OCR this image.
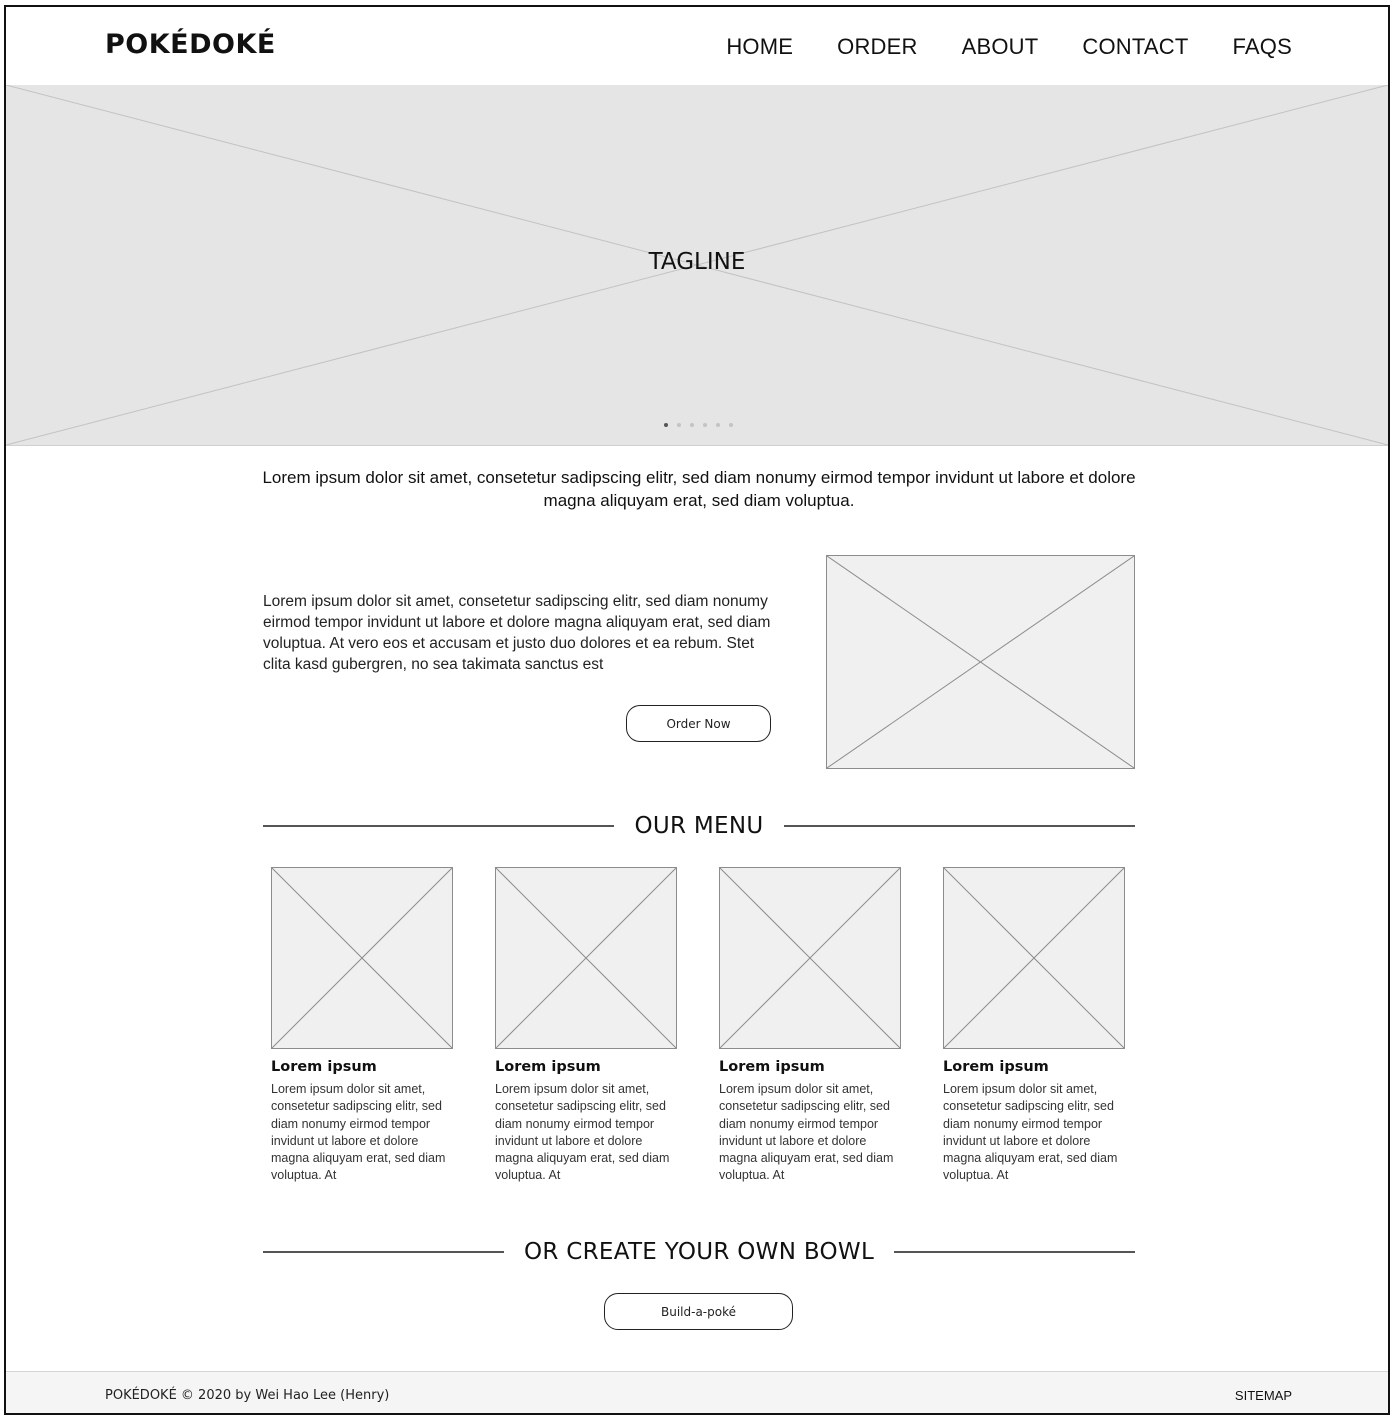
POKÉDOKÉ	HOME ORDER ABOUT CONTACT FAQS
TAGLINE
Lorem ipsum dolor sit amet, consetetur sadipscing elitr, sed diam nonumy eirmod tempor invidunt ut labore et dolore magna aliquyam erat, sed diam voluptua.
Lorem ipsum dolor sit amet, consetetur sadipscing elitr, sed diam nonumy eirmod tempor invidunt ut labore et dolore magna aliquyam erat, sed diam voluptua. At vero eos et accusam et justo duo dolores et ea rebum. Stet clita kasd gubergren, no sea takimata sanctus est
Order Now
OUR MENU
Lorem ipsum

Lorem ipsum dolor sit amet, consetetur sadipscing elitr, sed diam nonumy eirmod tempor invidunt ut labore et dolore magna aliquyam erat, sed diam voluptua. At

Lorem ipsum

Lorem ipsum dolor sit amet, consetetur sadipscing elitr, sed diam nonumy eirmod tempor invidunt ut labore et dolore magna aliquyam erat, sed diam voluptua. At

Lorem ipsum

Lorem ipsum dolor sit amet, consetetur sadipscing elitr, sed diam nonumy eirmod tempor invidunt ut labore et dolore magna aliquyam erat, sed diam voluptua. At

Lorem ipsum

Lorem ipsum dolor sit amet, consetetur sadipscing elitr, sed diam nonumy eirmod tempor invidunt ut labore et dolore magna aliquyam erat, sed diam voluptua. At

OR CREATE YOUR OWN BOWL
Build-a-poké
POKÉDOKÉ © 2020 by Wei Hao Lee (Henry)	SITEMAP
